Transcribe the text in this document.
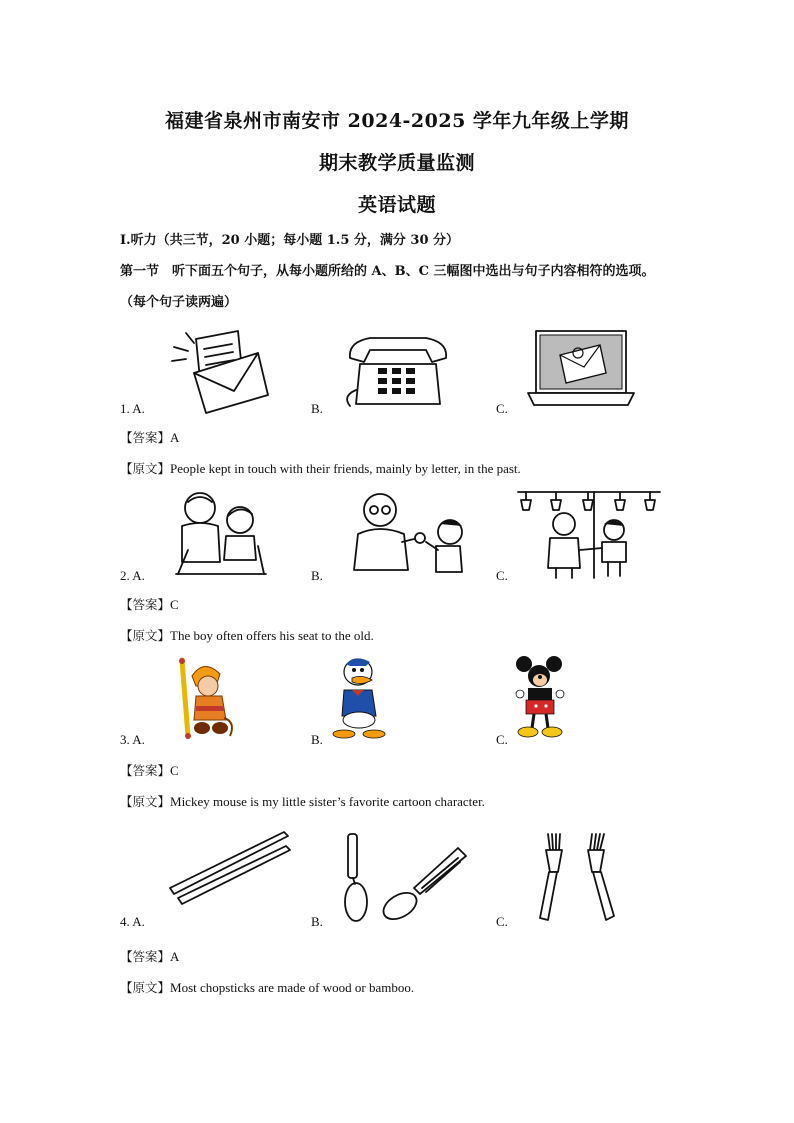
福建省泉州市南安市 2024-2025 学年九年级上学期
期末教学质量监测
英语试题
Ⅰ.听力（共三节，20 小题；每小题 1.5 分，满分 30 分）
第一节　听下面五个句子，从每小题所给的 A、B、C 三幅图中选出与句子内容相符的选项。
（每个句子读两遍）
1. A.	B.	C.
【答案】A
【原文】People kept in touch with their friends, mainly by letter, in the past.
2. A.	B.	C.
【答案】C
【原文】The boy often offers his seat to the old.
3. A.	B.	C.
【答案】C
【原文】Mickey mouse is my little sister’s favorite cartoon character.
4. A.	B.	C.
【答案】A
【原文】Most chopsticks are made of wood or bamboo.
